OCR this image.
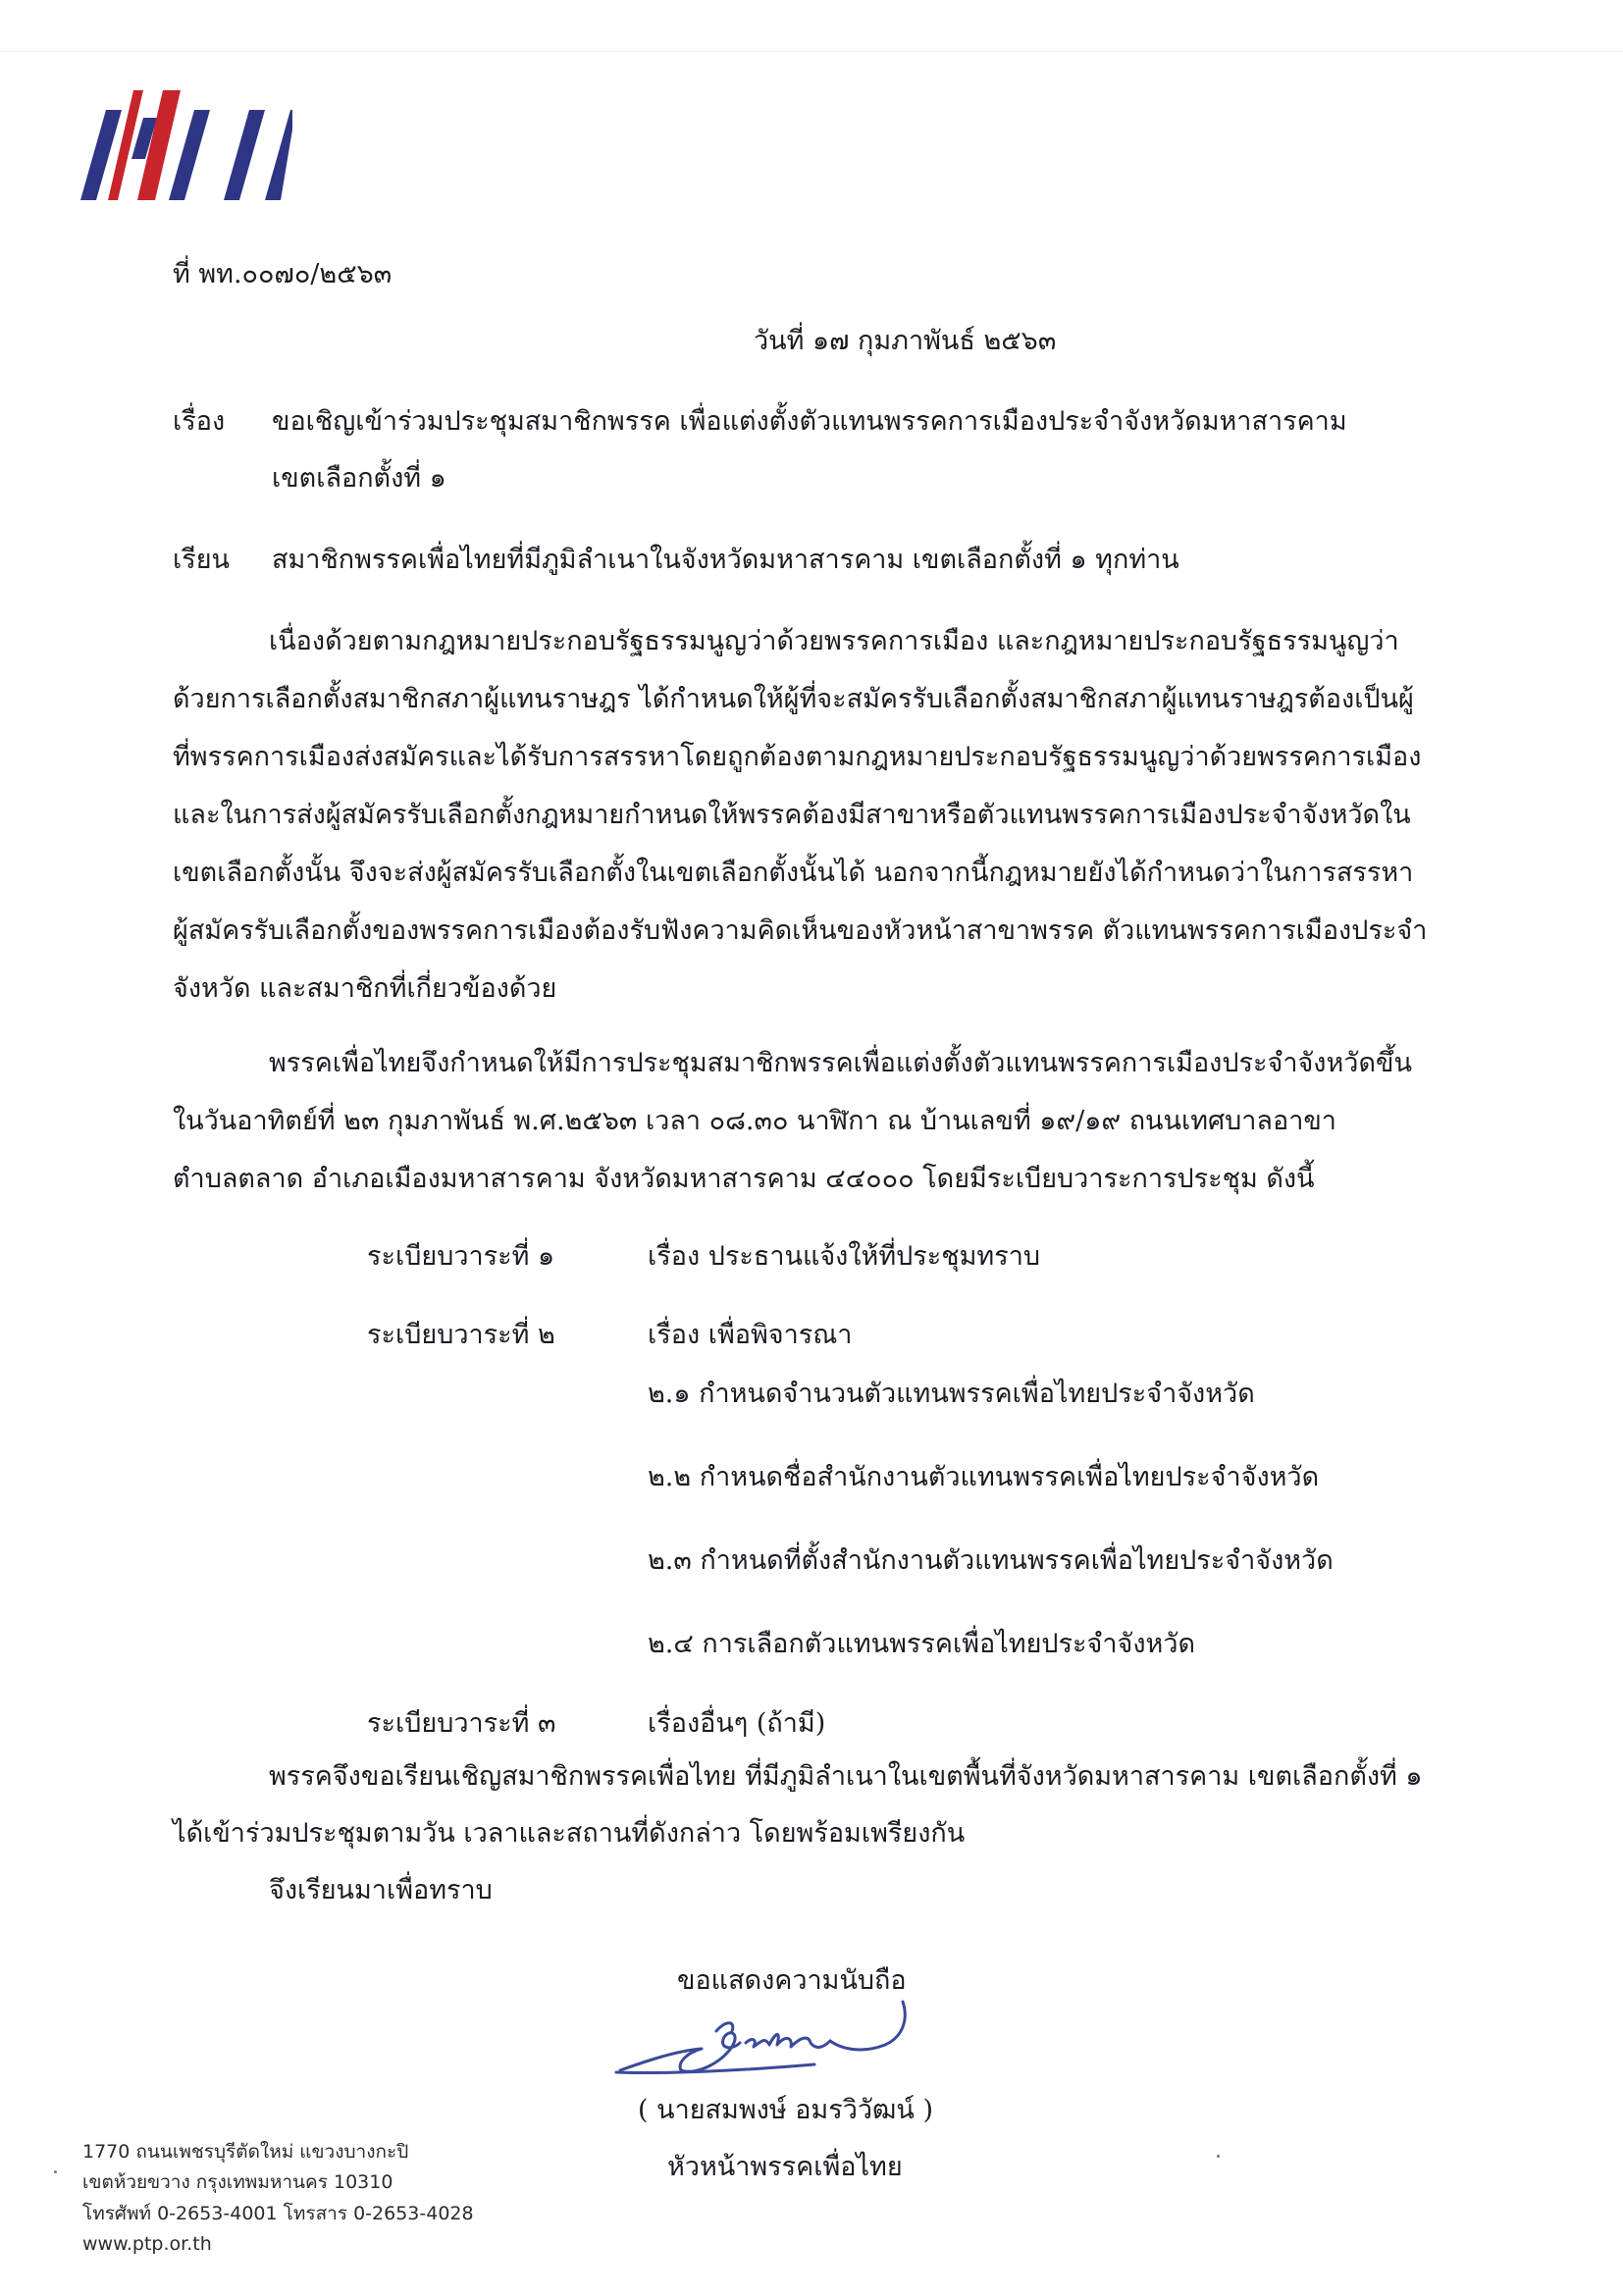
ที่ พท.๐๐๗๐/๒๕๖๓
วันที่ ๑๗ กุมภาพันธ์ ๒๕๖๓
เรื่อง ขอเชิญเข้าร่วมประชุมสมาชิกพรรค เพื่อแต่งตั้งตัวแทนพรรคการเมืองประจำจังหวัดมหาสารคาม
เขตเลือกตั้งที่ ๑
เรียน สมาชิกพรรคเพื่อไทยที่มีภูมิลำเนาในจังหวัดมหาสารคาม เขตเลือกตั้งที่ ๑ ทุกท่าน
เนื่องด้วยตามกฎหมายประกอบรัฐธรรมนูญว่าด้วยพรรคการเมือง และกฎหมายประกอบรัฐธรรมนูญว่า
ด้วยการเลือกตั้งสมาชิกสภาผู้แทนราษฎร ได้กำหนดให้ผู้ที่จะสมัครรับเลือกตั้งสมาชิกสภาผู้แทนราษฎรต้องเป็นผู้
ที่พรรคการเมืองส่งสมัครและได้รับการสรรหาโดยถูกต้องตามกฎหมายประกอบรัฐธรรมนูญว่าด้วยพรรคการเมือง
และในการส่งผู้สมัครรับเลือกตั้งกฎหมายกำหนดให้พรรคต้องมีสาขาหรือตัวแทนพรรคการเมืองประจำจังหวัดใน
เขตเลือกตั้งนั้น จึงจะส่งผู้สมัครรับเลือกตั้งในเขตเลือกตั้งนั้นได้ นอกจากนี้กฎหมายยังได้กำหนดว่าในการสรรหา
ผู้สมัครรับเลือกตั้งของพรรคการเมืองต้องรับฟังความคิดเห็นของหัวหน้าสาขาพรรค ตัวแทนพรรคการเมืองประจำ
จังหวัด และสมาชิกที่เกี่ยวข้องด้วย
พรรคเพื่อไทยจึงกำหนดให้มีการประชุมสมาชิกพรรคเพื่อแต่งตั้งตัวแทนพรรคการเมืองประจำจังหวัดขึ้น
ในวันอาทิตย์ที่ ๒๓ กุมภาพันธ์ พ.ศ.๒๕๖๓ เวลา ๐๘.๓๐ นาฬิกา ณ บ้านเลขที่ ๑๙/๑๙ ถนนเทศบาลอาขา
ตำบลตลาด อำเภอเมืองมหาสารคาม จังหวัดมหาสารคาม ๔๔๐๐๐ โดยมีระเบียบวาระการประชุม ดังนี้
ระเบียบวาระที่ ๑	เรื่อง ประธานแจ้งให้ที่ประชุมทราบ
ระเบียบวาระที่ ๒	เรื่อง เพื่อพิจารณา
๒.๑ กำหนดจำนวนตัวแทนพรรคเพื่อไทยประจำจังหวัด
๒.๒ กำหนดชื่อสำนักงานตัวแทนพรรคเพื่อไทยประจำจังหวัด
๒.๓ กำหนดที่ตั้งสำนักงานตัวแทนพรรคเพื่อไทยประจำจังหวัด
๒.๔ การเลือกตัวแทนพรรคเพื่อไทยประจำจังหวัด
ระเบียบวาระที่ ๓	เรื่องอื่นๆ (ถ้ามี)
พรรคจึงขอเรียนเชิญสมาชิกพรรคเพื่อไทย ที่มีภูมิลำเนาในเขตพื้นที่จังหวัดมหาสารคาม เขตเลือกตั้งที่ ๑
ได้เข้าร่วมประชุมตามวัน เวลาและสถานที่ดังกล่าว โดยพร้อมเพรียงกัน
จึงเรียนมาเพื่อทราบ
ขอแสดงความนับถือ
( นายสมพงษ์ อมรวิวัฒน์ )
หัวหน้าพรรคเพื่อไทย
1770 ถนนเพชรบุรีตัดใหม่ แขวงบางกะปิ
เขตห้วยขวาง กรุงเทพมหานคร 10310
โทรศัพท์ 0-2653-4001 โทรสาร 0-2653-4028
www.ptp.or.th
